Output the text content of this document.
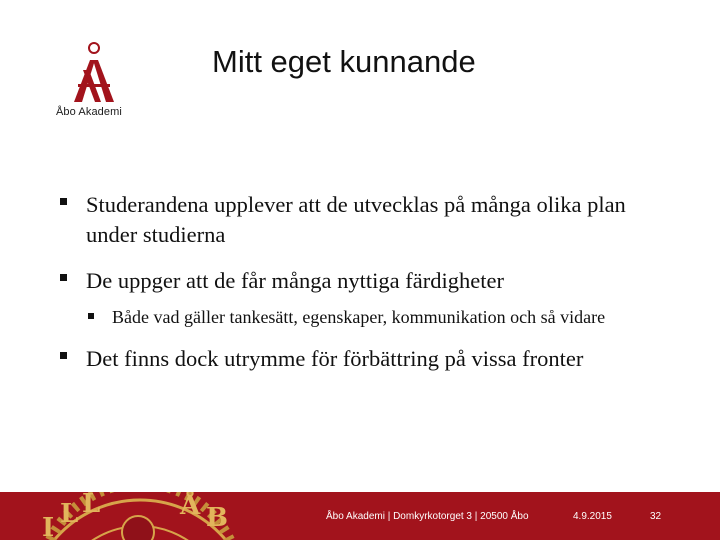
Åbo Akademi
Mitt eget kunnande
Studerandena upplever att de utvecklas på många olika plan under studierna
De uppger att de får många nyttiga färdigheter
Både vad gäller tankesätt, egenskaper, kommunikation och så vidare
Det finns dock utrymme för förbättring på vissa fronter
I L L	Å B	Åbo Akademi | Domkyrkotorget 3 | 20500 Åbo	4.9.2015	32
